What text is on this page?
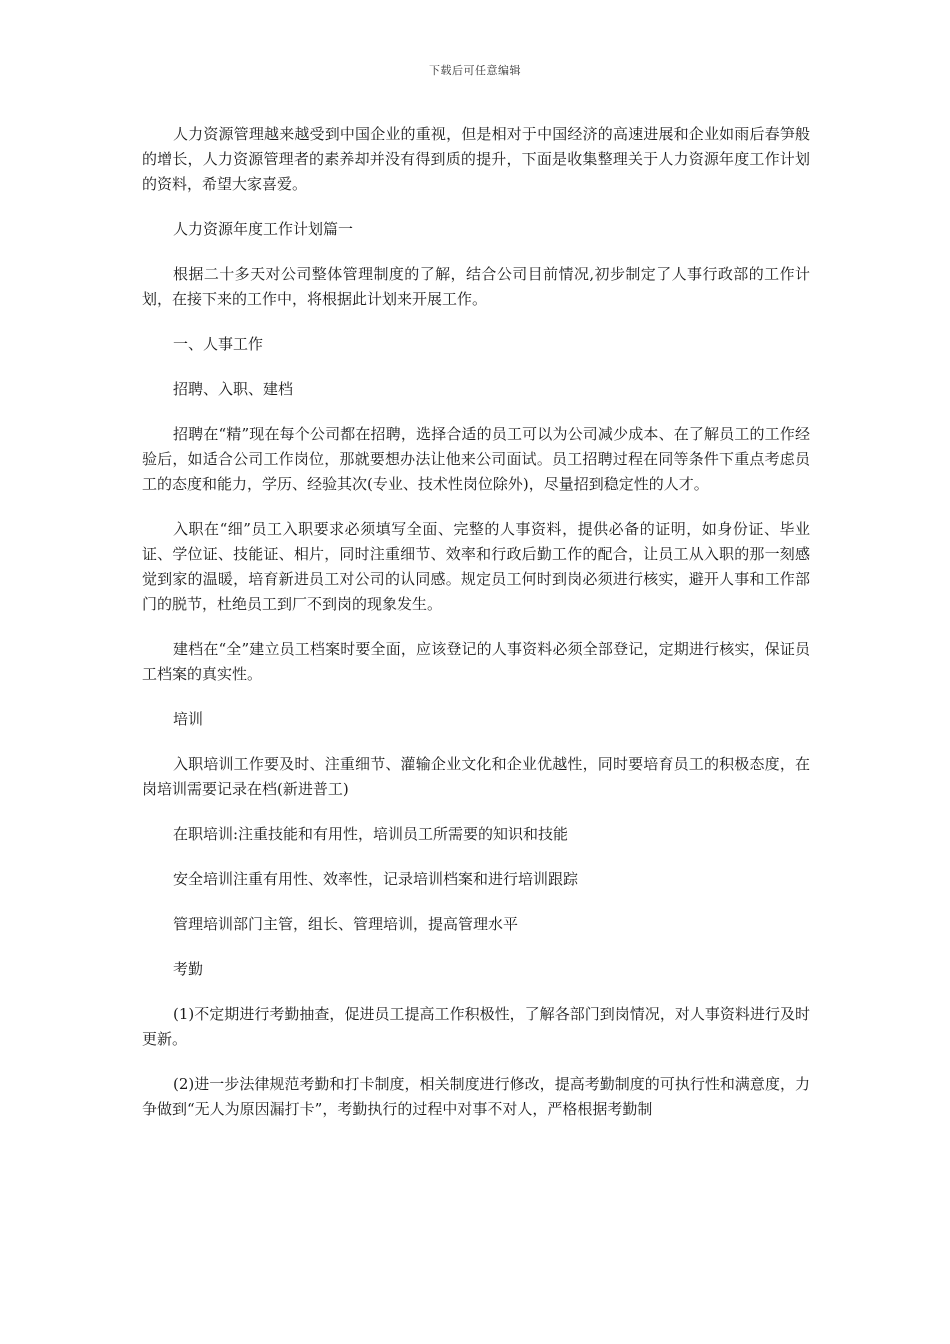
下载后可任意编辑

人力资源管理越来越受到中国企业的重视，但是相对于中国经济的高速进展和企业如雨后春笋般的增长，人力资源管理者的素养却并没有得到质的提升，下面是收集整理关于人力资源年度工作计划的资料，希望大家喜爱。

人力资源年度工作计划篇一

根据二十多天对公司整体管理制度的了解，结合公司目前情况,初步制定了人事行政部的工作计划，在接下来的工作中，将根据此计划来开展工作。

一、人事工作

招聘、入职、建档

招聘在“精”现在每个公司都在招聘，选择合适的员工可以为公司减少成本、在了解员工的工作经验后，如适合公司工作岗位，那就要想办法让他来公司面试。员工招聘过程在同等条件下重点考虑员工的态度和能力，学历、经验其次(专业、技术性岗位除外)，尽量招到稳定性的人才。

入职在“细”员工入职要求必须填写全面、完整的人事资料，提供必备的证明，如身份证、毕业证、学位证、技能证、相片，同时注重细节、效率和行政后勤工作的配合，让员工从入职的那一刻感觉到家的温暖，培育新进员工对公司的认同感。规定员工何时到岗必须进行核实，避开人事和工作部门的脱节，杜绝员工到厂不到岗的现象发生。

建档在“全”建立员工档案时要全面，应该登记的人事资料必须全部登记，定期进行核实，保证员工档案的真实性。

培训

入职培训工作要及时、注重细节、灌输企业文化和企业优越性，同时要培育员工的积极态度，在岗培训需要记录在档(新进普工)

在职培训:注重技能和有用性，培训员工所需要的知识和技能

安全培训注重有用性、效率性，记录培训档案和进行培训跟踪

管理培训部门主管，组长、管理培训，提高管理水平

考勤

(1)不定期进行考勤抽查，促进员工提高工作积极性，了解各部门到岗情况，对人事资料进行及时更新。

(2)进一步法律规范考勤和打卡制度，相关制度进行修改，提高考勤制度的可执行性和满意度，力争做到“无人为原因漏打卡”，考勤执行的过程中对事不对人，严格根据考勤制
